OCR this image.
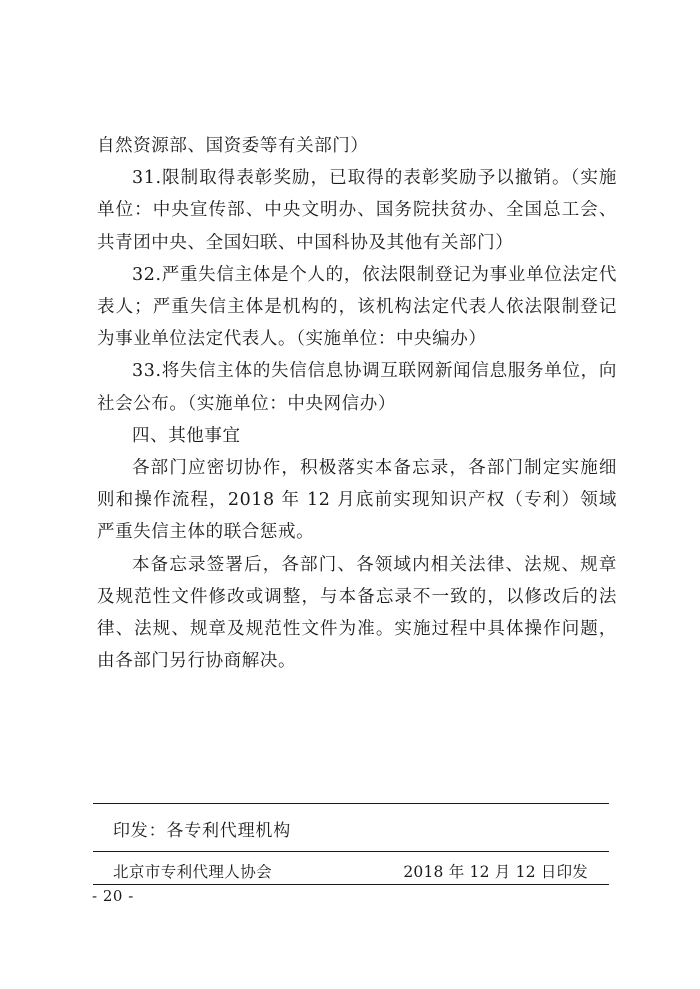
自然资源部、国资委等有关部门）

31.限制取得表彰奖励，已取得的表彰奖励予以撤销。（实施单位：中央宣传部、中央文明办、国务院扶贫办、全国总工会、共青团中央、全国妇联、中国科协及其他有关部门）

32.严重失信主体是个人的，依法限制登记为事业单位法定代表人；严重失信主体是机构的，该机构法定代表人依法限制登记为事业单位法定代表人。（实施单位：中央编办）

33.将失信主体的失信信息协调互联网新闻信息服务单位，向社会公布。（实施单位：中央网信办）

四、其他事宜

各部门应密切协作，积极落实本备忘录，各部门制定实施细则和操作流程，2018 年 12 月底前实现知识产权（专利）领域严重失信主体的联合惩戒。

本备忘录签署后，各部门、各领域内相关法律、法规、规章及规范性文件修改或调整，与本备忘录不一致的，以修改后的法律、法规、规章及规范性文件为准。实施过程中具体操作问题，由各部门另行协商解决。

印发：各专利代理机构
北京市专利代理人协会	2018 年 12 月 12 日印发
- 20 -
